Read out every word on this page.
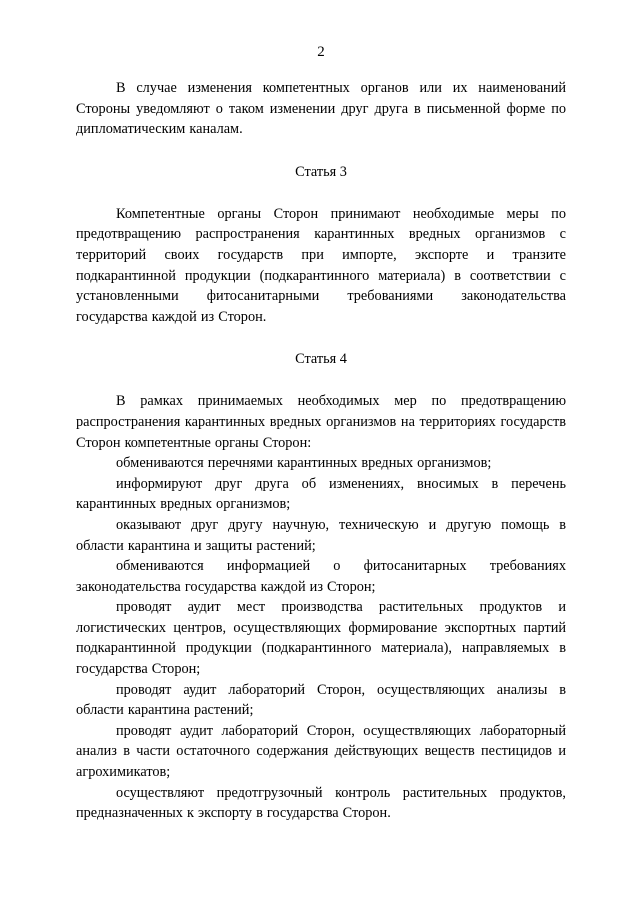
2

В случае изменения компетентных органов или их наименований Стороны уведомляют о таком изменении друг друга в письменной форме по дипломатическим каналам.

Статья 3

Компетентные органы Сторон принимают необходимые меры по предотвращению распространения карантинных вредных организмов с территорий своих государств при импорте, экспорте и транзите подкарантинной продукции (подкарантинного материала) в соответствии с установленными фитосанитарными требованиями законодательства государства каждой из Сторон.

Статья 4

В рамках принимаемых необходимых мер по предотвращению распространения карантинных вредных организмов на территориях государств Сторон компетентные органы Сторон:

обмениваются перечнями карантинных вредных организмов;

информируют друг друга об изменениях, вносимых в перечень карантинных вредных организмов;

оказывают друг другу научную, техническую и другую помощь в области карантина и защиты растений;

обмениваются информацией о фитосанитарных требованиях законодательства государства каждой из Сторон;

проводят аудит мест производства растительных продуктов и логистических центров, осуществляющих формирование экспортных партий подкарантинной продукции (подкарантинного материала), направляемых в государства Сторон;

проводят аудит лабораторий Сторон, осуществляющих анализы в области карантина растений;

проводят аудит лабораторий Сторон, осуществляющих лабораторный анализ в части остаточного содержания действующих веществ пестицидов и агрохимикатов;

осуществляют предотгрузочный контроль растительных продуктов, предназначенных к экспорту в государства Сторон.
